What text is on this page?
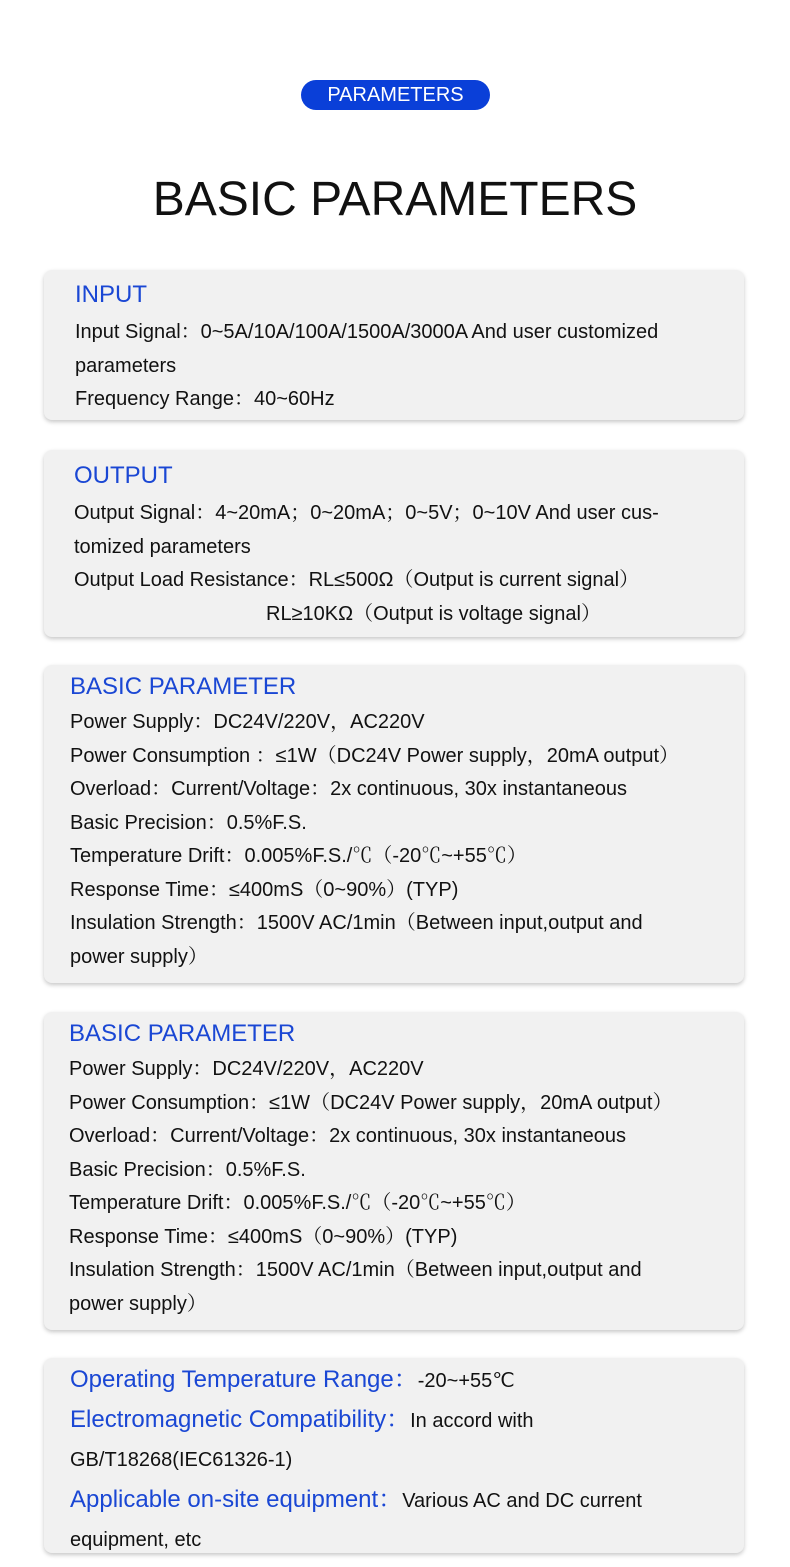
PARAMETERS
BASIC PARAMETERS
INPUT
Input Signal：0~5A/10A/100A/1500A/3000A And user customized
parameters
Frequency Range：40~60Hz
OUTPUT
Output Signal：4~20mA；0~20mA；0~5V；0~10V And user cus-
tomized parameters
Output Load Resistance：RL≤500Ω（Output is current signal）
RL≥10KΩ（Output is voltage signal）
BASIC PARAMETER
Power Supply：DC24V/220V，AC220V
Power Consumption ：≤1W（DC24V Power supply，20mA output）
Overload：Current/Voltage：2x continuous, 30x instantaneous
Basic Precision：0.5%F.S.
Temperature Drift：0.005%F.S./℃（-20℃~+55℃）
Response Time：≤400mS（0~90%）(TYP)
Insulation Strength：1500V AC/1min（Between input,output and
power supply）
BASIC PARAMETER
Power Supply：DC24V/220V，AC220V
Power Consumption：≤1W（DC24V Power supply，20mA output）
Overload：Current/Voltage：2x continuous, 30x instantaneous
Basic Precision：0.5%F.S.
Temperature Drift：0.005%F.S./℃（-20℃~+55℃）
Response Time：≤400mS（0~90%）(TYP)
Insulation Strength：1500V AC/1min（Between input,output and
power supply）
Operating Temperature Range：-20~+55℃
Electromagnetic Compatibility：In accord with
GB/T18268(IEC61326-1)
Applicable on-site equipment：Various AC and DC current
equipment, etc
